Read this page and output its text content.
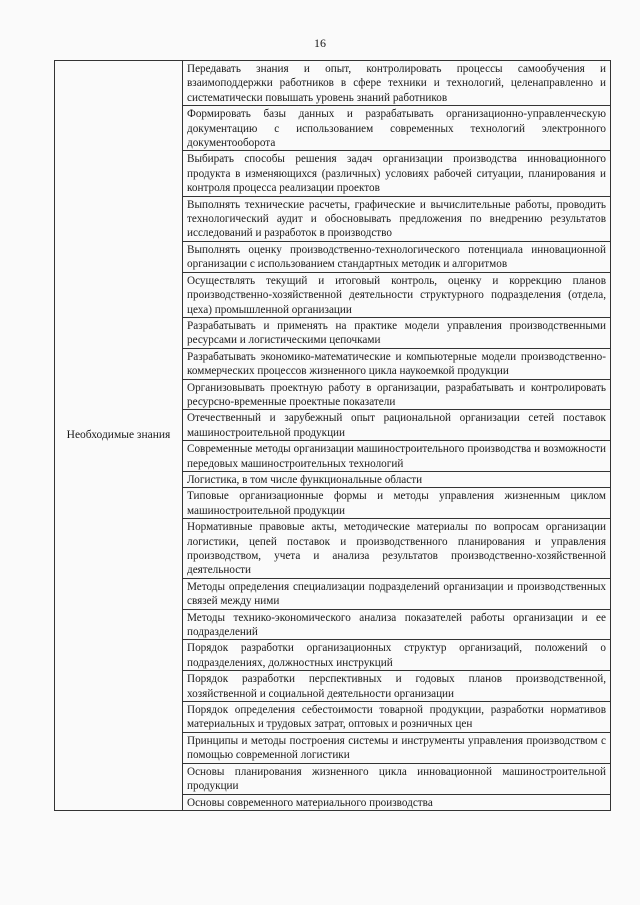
16
Необходимые знания	Передавать знания и опыт, контролировать процессы самообучения и взаимоподдержки работников в сфере техники и технологий, целенаправленно и систематически повышать уровень знаний работников
Формировать базы данных и разрабатывать организационно-управленческую документацию с использованием современных технологий электронного документооборота
Выбирать способы решения задач организации производства инновационного продукта в изменяющихся (различных) условиях рабочей ситуации, планирования и контроля процесса реализации проектов
Выполнять технические расчеты, графические и вычислительные работы, проводить технологический аудит и обосновывать предложения по внедрению результатов исследований и разработок в производство
Выполнять оценку производственно-технологического потенциала инновационной организации с использованием стандартных методик и алгоритмов
Осуществлять текущий и итоговый контроль, оценку и коррекцию планов производственно-хозяйственной деятельности структурного подразделения (отдела, цеха) промышленной организации
Разрабатывать и применять на практике модели управления производственными ресурсами и логистическими цепочками
Разрабатывать экономико-математические и компьютерные модели производственно-коммерческих процессов жизненного цикла наукоемкой продукции
Организовывать проектную работу в организации, разрабатывать и контролировать ресурсно-временные проектные показатели
Отечественный и зарубежный опыт рациональной организации сетей поставок машиностроительной продукции
Современные методы организации машиностроительного производства и возможности передовых машиностроительных технологий
Логистика, в том числе функциональные области
Типовые организационные формы и методы управления жизненным циклом машиностроительной продукции
Нормативные правовые акты, методические материалы по вопросам организации логистики, цепей поставок и производственного планирования и управления производством, учета и анализа результатов производственно-хозяйственной деятельности
Методы определения специализации подразделений организации и производственных связей между ними
Методы технико-экономического анализа показателей работы организации и ее подразделений
Порядок разработки организационных структур организаций, положений о подразделениях, должностных инструкций
Порядок разработки перспективных и годовых планов производственной, хозяйственной и социальной деятельности организации
Порядок определения себестоимости товарной продукции, разработки нормативов материальных и трудовых затрат, оптовых и розничных цен
Принципы и методы построения системы и инструменты управления производством с помощью современной логистики
Основы планирования жизненного цикла инновационной машиностроительной продукции
Основы современного материального производства
